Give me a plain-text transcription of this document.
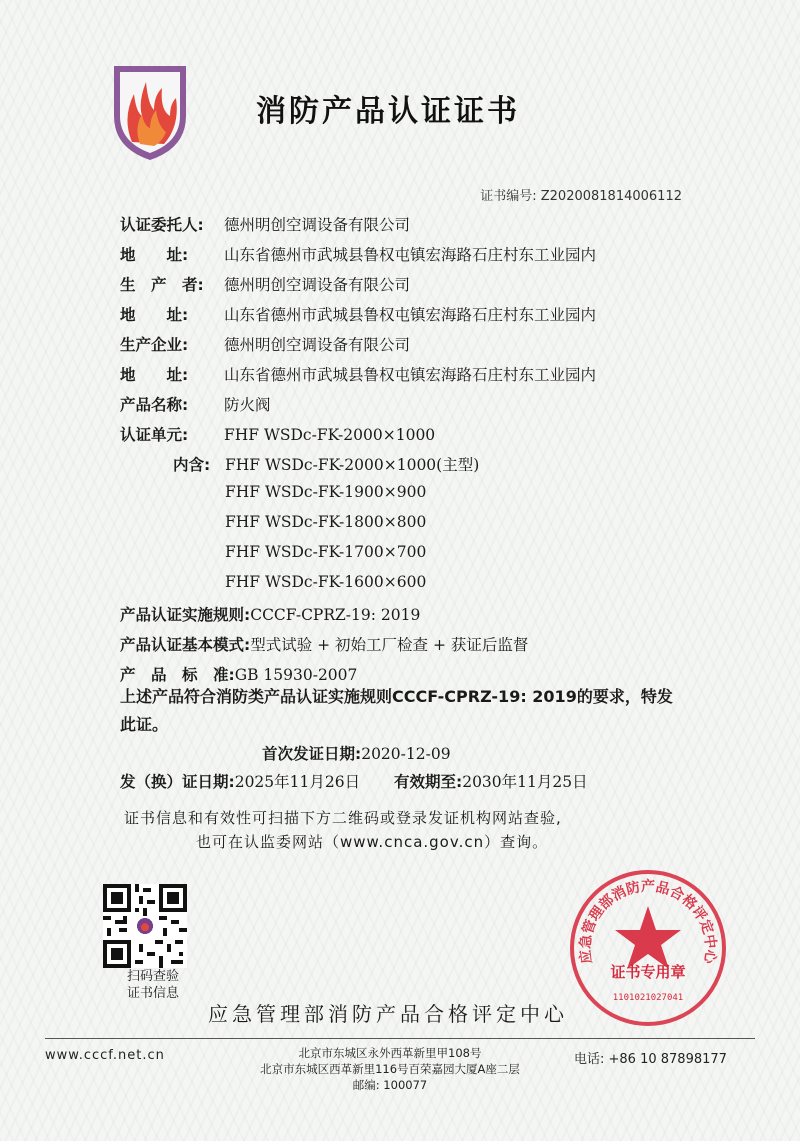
消防产品认证证书
证书编号: Z2020081814006112
认证委托人: 德州明创空调设备有限公司
地　　址: 山东省德州市武城县鲁权屯镇宏海路石庄村东工业园内
生　产　者: 德州明创空调设备有限公司
地　　址: 山东省德州市武城县鲁权屯镇宏海路石庄村东工业园内
生产企业: 德州明创空调设备有限公司
地　　址: 山东省德州市武城县鲁权屯镇宏海路石庄村东工业园内
产品名称: 防火阀
认证单元: FHF WSDc-FK-2000×1000
内含: FHF WSDc-FK-2000×1000(主型)
FHF WSDc-FK-1900×900
FHF WSDc-FK-1800×800
FHF WSDc-FK-1700×700
FHF WSDc-FK-1600×600
产品认证实施规则:CCCF-CPRZ-19: 2019
产品认证基本模式:型式试验 + 初始工厂检查 + 获证后监督
产　品　标　准:GB 15930-2007
上述产品符合消防类产品认证实施规则CCCF-CPRZ-19: 2019的要求，特发
此证。
首次发证日期:2020-12-09
发（换）证日期:2025年11月26日 有效期至:2030年11月25日
证书信息和有效性可扫描下方二维码或登录发证机构网站查验,
也可在认监委网站（www.cnca.gov.cn）查询。
扫码查验
证书信息
应急管理部消防产品合格评定中心
应急管理部消防产品合格评定中心
证书专用章
1101021027041
www.cccf.net.cn	北京市东城区永外西革新里甲108号
北京市东城区西革新里116号百荣嘉园大厦A座二层
邮编: 100077
电话: +86 10 87898177
